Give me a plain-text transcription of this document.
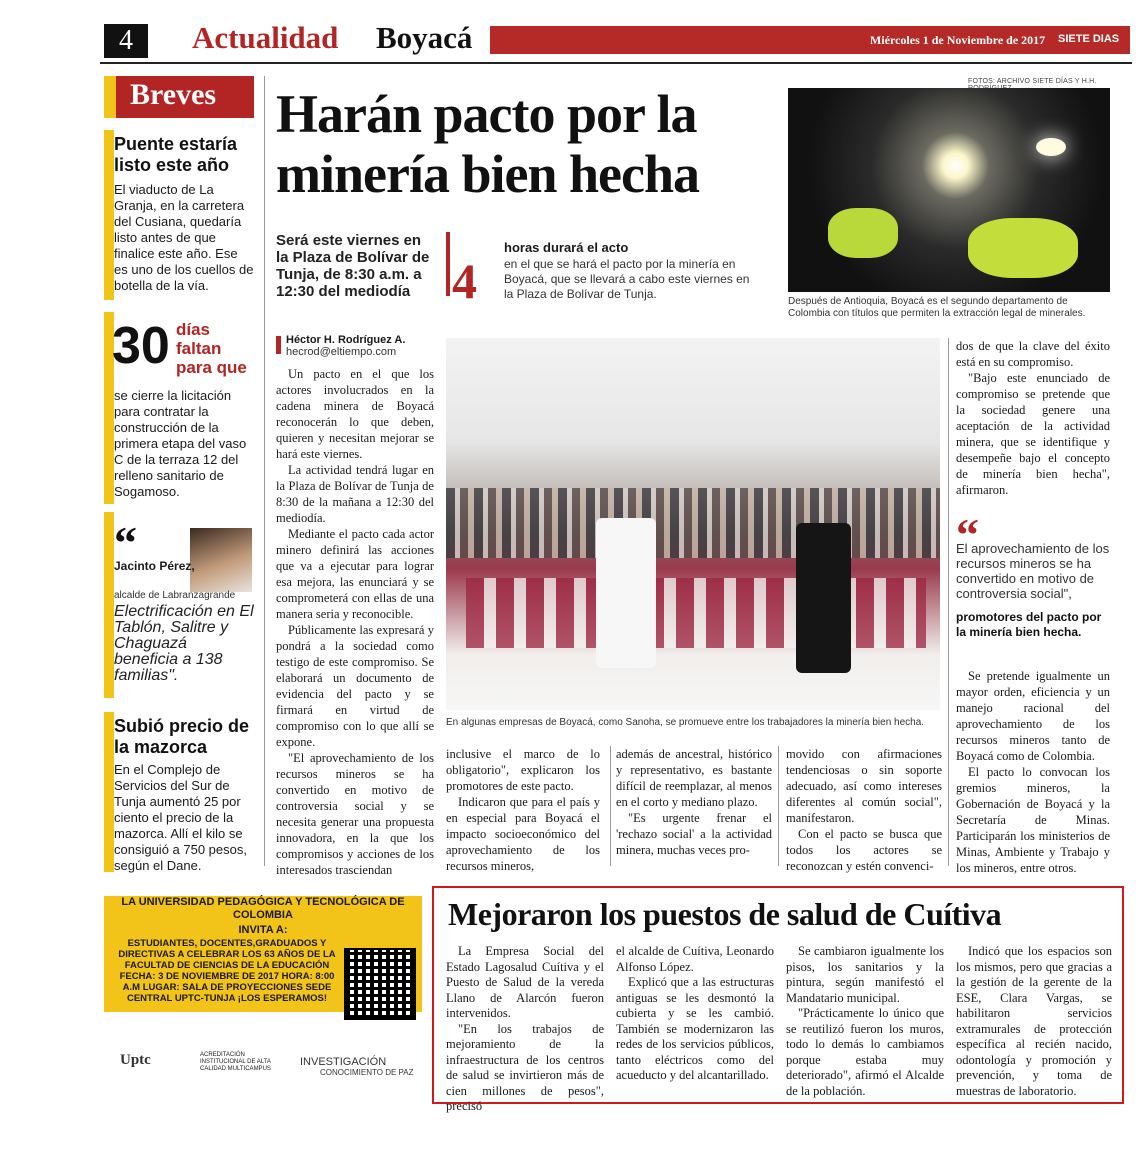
4	Actualidad Boyacá	Miércoles 1 de Noviembre de 2017 SIETE DIAS
Breves
Puente estaría listo este año
El viaducto de La Granja, en la carretera del Cusiana, quedaría listo antes de que finalice este año. Ese es uno de los cuellos de botella de la vía.
30 días faltan para que
se cierre la licitación para contratar la construcción de la primera etapa del vaso C de la terraza 12 del relleno sanitario de Sogamoso.
“
Jacinto Pérez,
alcalde de Labranzagrande
Electrificación en El Tablón, Salitre y Chaguazá beneficia a 138 familias".
Subió precio de la mazorca
En el Complejo de Servicios del Sur de Tunja aumentó 25 por ciento el precio de la mazorca. Allí el kilo se consiguió a 750 pesos, según el Dane.
Harán pacto por la minería bien hecha
Será este viernes en la Plaza de Bolívar de Tunja, de 8:30 a.m. a 12:30 del mediodía 4
horas durará el acto
en el que se hará el pacto por la minería en Boyacá, que se llevará a cabo este viernes en la Plaza de Bolívar de Tunja.
Héctor H. Rodríguez A.
hecrod@eltiempo.com
FOTOS: ARCHIVO SIETE DÍAS Y H.H.
Después de Antioquia, Boyacá es el segundo departamento de Colombia con títulos que permiten la extracción legal de minerales.
En algunas empresas de Boyacá, como Sanoha, se promueve entre los trabajadores la minería bien hecha.

Un pacto en el que los actores involucrados en la cadena minera de Boyacá reconocerán lo que deben, quieren y necesitan mejorar se hará este viernes.

La actividad tendrá lugar en la Plaza de Bolívar de Tunja de 8:30 de la mañana a 12:30 del mediodía.

Mediante el pacto cada actor minero definirá las acciones que va a ejecutar para lograr esa mejora, las enunciará y se comprometerá con ellas de una manera seria y reconocible.

Públicamente las expresará y pondrá a la sociedad como testigo de este compromiso. Se elaborará un documento de evidencia del pacto y se firmará en virtud de compromiso con lo que allí se expone.

"El aprovechamiento de los recursos mineros se ha convertido en motivo de controversia social y se necesita generar una propuesta innovadora, en la que los compromisos y acciones de los interesados trasciendan

inclusive el marco de lo obligatorio", explicaron los promotores de este pacto.

Indicaron que para el país y en especial para Boyacá el impacto socioeconómico del aprovechamiento de los recursos mineros,

además de ancestral, histórico y representativo, es bastante difícil de reemplazar, al menos en el corto y mediano plazo.

"Es urgente frenar el 'rechazo social' a la actividad minera, muchas veces pro-

movido con afirmaciones tendenciosas o sin soporte adecuado, así como intereses diferentes al común social", manifestaron.

Con el pacto se busca que todos los actores se reconozcan y estén convenci-

dos de que la clave del éxito está en su compromiso.

"Bajo este enunciado de compromiso se pretende que la sociedad genere una aceptación de la actividad minera, que se identifique y desempeñe bajo el concepto de minería bien hecha", afirmaron.

“
El aprovechamiento de los recursos mineros se ha convertido en motivo de controversia social",
promotores del pacto por la minería bien hecha.

Se pretende igualmente un mayor orden, eficiencia y un manejo racional del aprovechamiento de los recursos mineros tanto de Boyacá como de Colombia.

El pacto lo convocan los gremios mineros, la Gobernación de Boyacá y la Secretaría de Minas. Participarán los ministerios de Minas, Ambiente y Trabajo y los mineros, entre otros.

LA UNIVERSIDAD PEDAGÓGICA Y TECNOLÓGICA DE COLOMBIA
INVITA A:
ESTUDIANTES, DOCENTES,GRADUADOS Y DIRECTIVAS A CELEBRAR LOS 63 AÑOS DE LA FACULTAD DE CIENCIAS DE LA EDUCACIÓN FECHA: 3 DE NOVIEMBRE DE 2017 HORA: 8:00 A.M LUGAR: SALA DE PROYECCIONES SEDE CENTRAL UPTC-TUNJA ¡LOS ESPERAMOS!
Uptc	ACREDITACIÓN INSTITUCIONAL DE ALTA CALIDAD MULTICAMPUS
INVESTIGACIÓN
CONOCIMIENTO DE PAZ
Mejoraron los puestos de salud de Cuítiva

La Empresa Social del Estado Lagosalud Cuítiva y el Puesto de Salud de la vereda Llano de Alarcón fueron intervenidos.

"En los trabajos de mejoramiento de la infraestructura de los centros de salud se invirtieron más de cien millones de pesos", precisó

el alcalde de Cuítiva, Leonardo Alfonso López.

Explicó que a las estructuras antiguas se les desmontó la cubierta y se les cambió. También se modernizaron las redes de los servicios públicos, tanto eléctricos como del acueducto y del alcantarillado.

Se cambiaron igualmente los pisos, los sanitarios y la pintura, según manifestó el Mandatario municipal.

"Prácticamente lo único que se reutilizó fueron los muros, todo lo demás lo cambiamos porque estaba muy deteriorado", afirmó el Alcalde de la población.

Indicó que los espacios son los mismos, pero que gracias a la gestión de la gerente de la ESE, Clara Vargas, se habilitaron servicios extramurales de protección específica al recién nacido, odontología y promoción y prevención, y toma de muestras de laboratorio.
